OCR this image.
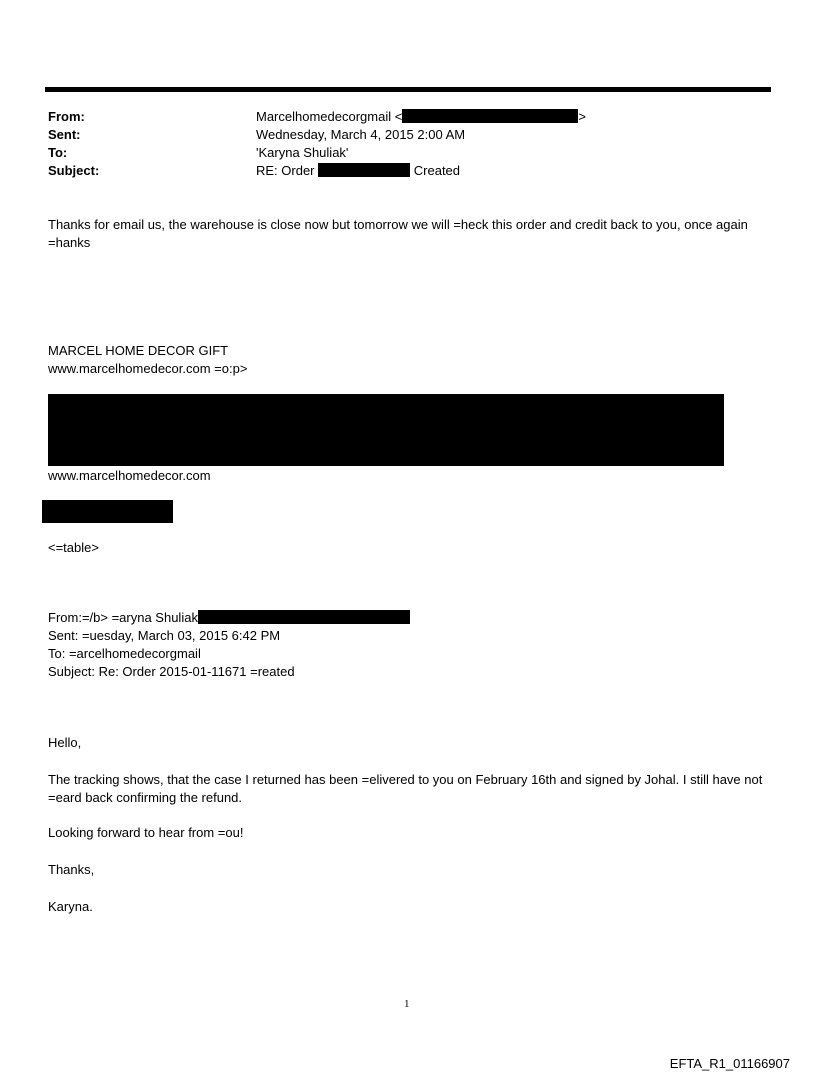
From:	Marcelhomedecorgmail <	>
Sent:	Wednesday, March 4, 2015 2:00 AM
To:	'Karyna Shuliak'
Subject:	RE: Order	Created
Thanks for email us, the warehouse is close now but tomorrow we will =heck this order and credit back to you, once again =hanks
MARCEL HOME DECOR GIFT
www.marcelhomedecor.com =o:p>
www.marcelhomedecor.com
<=table>
From:=/b> =aryna Shuliak
Sent: =uesday, March 03, 2015 6:42 PM
To: =arcelhomedecorgmail
Subject: Re: Order 2015-01-11671 =reated
Hello,
The tracking shows, that the case I returned has been =elivered to you on February 16th and signed by Johal. I still have not =eard back confirming the refund.
Looking forward to hear from =ou!
Thanks,
Karyna.
1
EFTA_R1_01166907
